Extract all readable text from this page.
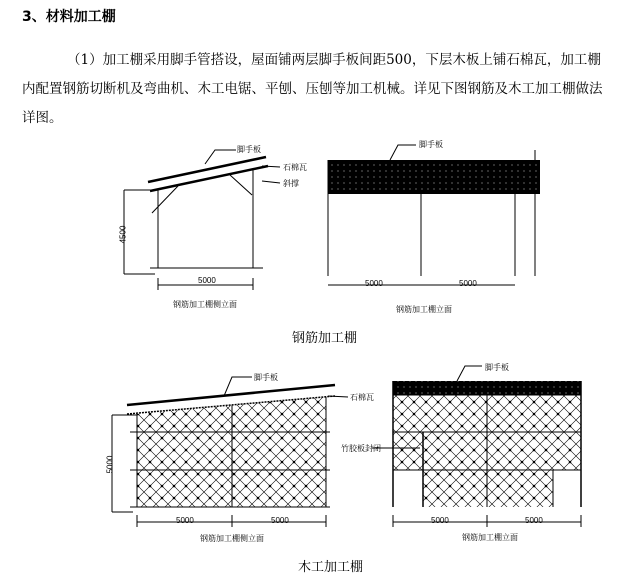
3、材料加工棚

（1）加工棚采用脚手管搭设，屋面铺两层脚手板间距500，下层木板上铺石棉瓦，加工棚内配置钢筋切断机及弯曲机、木工电锯、平刨、压刨等加工机械。详见下图钢筋及木工加工棚做法详图。

脚手板
石棉瓦
斜撑
4500
5000
钢筋加工棚侧立面
脚手板
5000	5000
钢筋加工棚立面
钢筋加工棚
脚手板
石棉瓦
5000
5000	5000
钢筋加工棚侧立面
脚手板
竹胶板封闭
5000	5000
钢筋加工棚立面
木工加工棚
